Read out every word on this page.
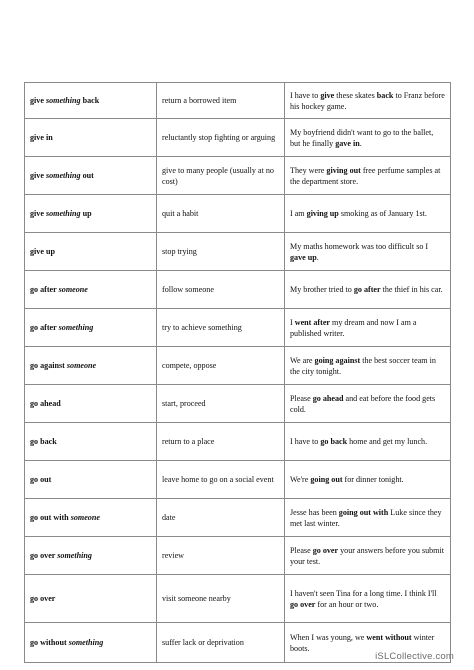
give something back	return a borrowed item	I have to give these skates back to Franz before his hockey game.
give in	reluctantly stop fighting or arguing	My boyfriend didn't want to go to the ballet, but he finally gave in.
give something out	give to many people (usually at no cost)	They were giving out free perfume samples at the department store.
give something up	quit a habit	I am giving up smoking as of January 1st.
give up	stop trying	My maths homework was too difficult so I gave up.
go after someone	follow someone	My brother tried to go after the thief in his car.
go after something	try to achieve something	I went after my dream and now I am a published writer.
go against someone	compete, oppose	We are going against the best soccer team in the city tonight.
go ahead	start, proceed	Please go ahead and eat before the food gets cold.
go back	return to a place	I have to go back home and get my lunch.
go out	leave home to go on a social event	We're going out for dinner tonight.
go out with someone	date	Jesse has been going out with Luke since they met last winter.
go over something	review	Please go over your answers before you submit your test.
go over	visit someone nearby	I haven't seen Tina for a long time. I think I'll go over for an hour or two.
go without something	suffer lack or deprivation	When I was young, we went without winter boots.
iSLCollective.com
